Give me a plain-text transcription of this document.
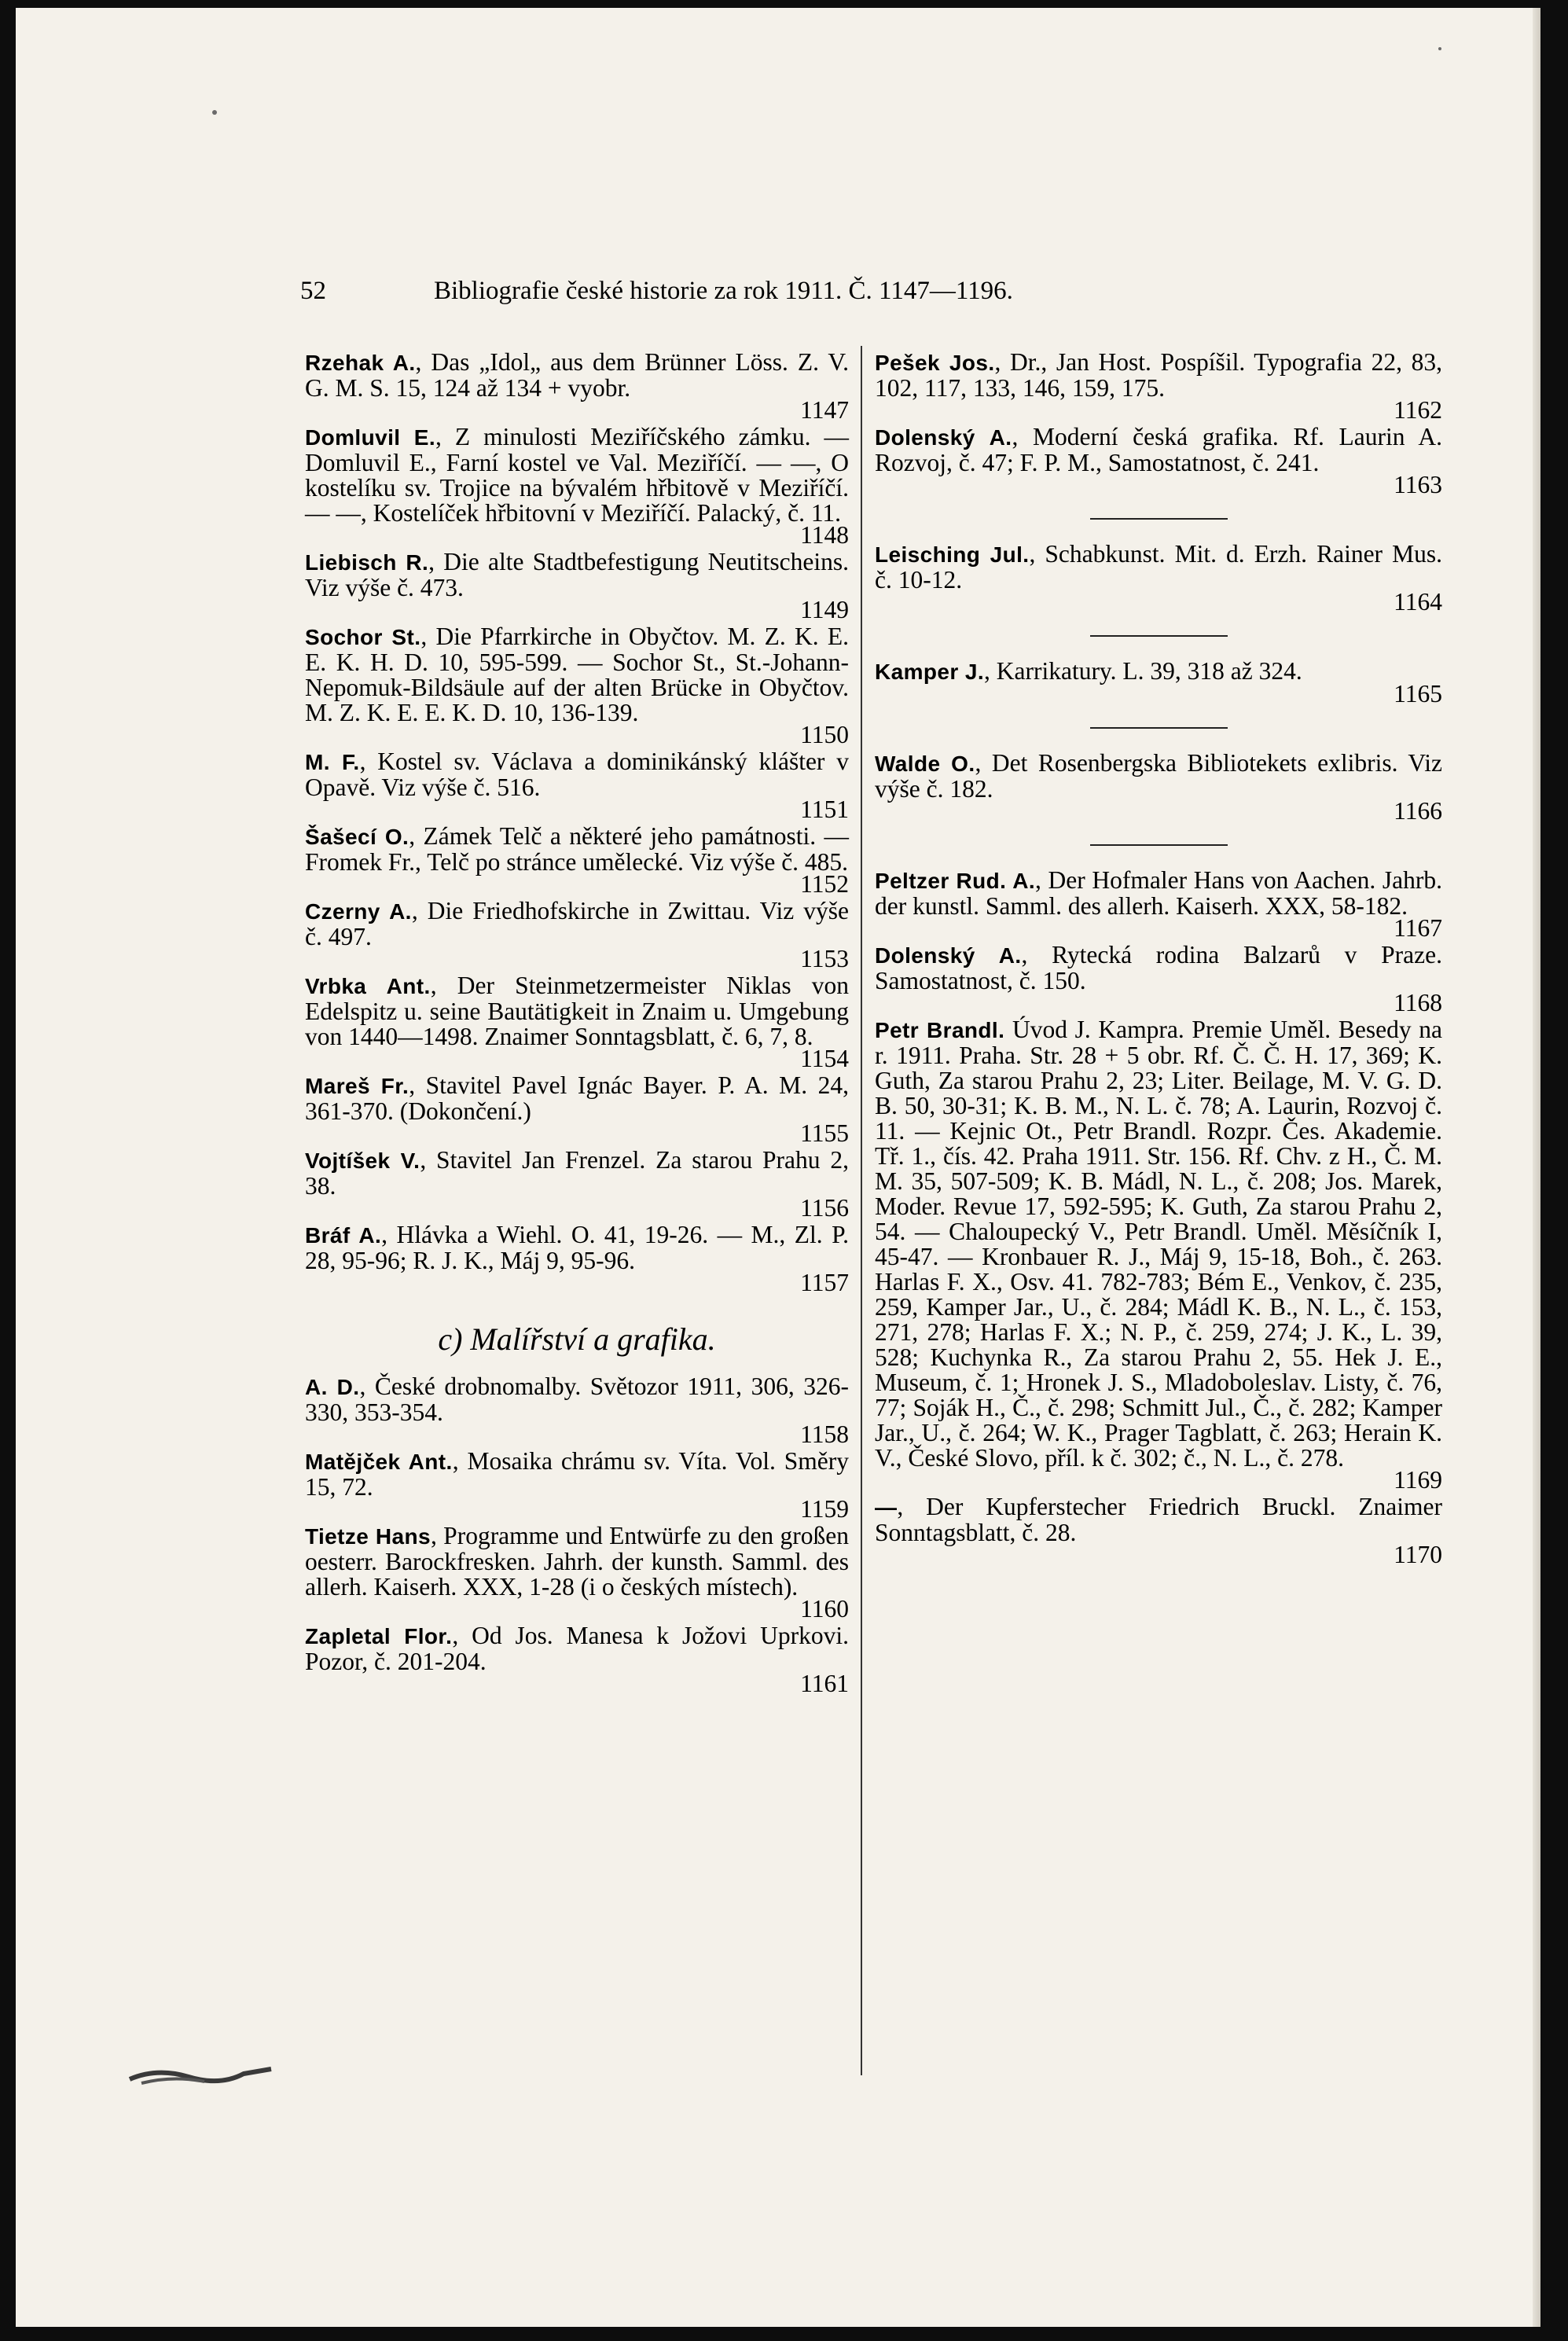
52	Bibliografie české historie za rok 1911. Č. 1147—1196.
Rzehak A., Das „Idol„ aus dem Brünner Löss. Z. V. G. M. S. 15, 124 až 134 + vyobr.
1147
Domluvil E., Z minulosti Meziříčského zámku. — Domluvil E., Farní kostel ve Val. Meziříčí. — —, O kostelíku sv. Trojice na bývalém hřbitově v Meziříčí. — —, Kostelíček hřbitovní v Meziříčí. Palacký, č. 11.
1148
Liebisch R., Die alte Stadtbefestigung Neutitscheins. Viz výše č. 473.
1149
Sochor St., Die Pfarrkirche in Obyčtov. M. Z. K. E. E. K. H. D. 10, 595-599. — Sochor St., St.-Johann-Nepomuk-Bildsäule auf der alten Brücke in Obyčtov. M. Z. K. E. E. K. D. 10, 136-139.
1150
M. F., Kostel sv. Václava a dominikánský klášter v Opavě. Viz výše č. 516.
1151
Šašecí O., Zámek Telč a některé jeho památnosti. — Fromek Fr., Telč po stránce umělecké. Viz výše č. 485.
1152
Czerny A., Die Friedhofskirche in Zwittau. Viz výše č. 497.
1153
Vrbka Ant., Der Steinmetzermeister Niklas von Edelspitz u. seine Bautätigkeit in Znaim u. Umgebung von 1440—1498. Znaimer Sonntagsblatt, č. 6, 7, 8.
1154
Mareš Fr., Stavitel Pavel Ignác Bayer. P. A. M. 24, 361-370. (Dokončení.)
1155
Vojtíšek V., Stavitel Jan Frenzel. Za starou Prahu 2, 38.
1156
Bráf A., Hlávka a Wiehl. O. 41, 19-26. — M., Zl. P. 28, 95-96; R. J. K., Máj 9, 95-96.
1157
c) Malířství a grafika.
A. D., České drobnomalby. Světozor 1911, 306, 326-330, 353-354.
1158
Matějček Ant., Mosaika chrámu sv. Víta. Vol. Směry 15, 72.
1159
Tietze Hans, Programme und Entwürfe zu den großen oesterr. Barockfresken. Jahrh. der kunsth. Samml. des allerh. Kaiserh. XXX, 1-28 (i o českých místech).
1160
Zapletal Flor., Od Jos. Manesa k Jožovi Uprkovi. Pozor, č. 201-204.
1161
Pešek Jos., Dr., Jan Host. Pospíšil. Typografia 22, 83, 102, 117, 133, 146, 159, 175.
1162
Dolenský A., Moderní česká grafika. Rf. Laurin A. Rozvoj, č. 47; F. P. M., Samostatnost, č. 241.
1163
Leisching Jul., Schabkunst. Mit. d. Erzh. Rainer Mus. č. 10-12.
1164
Kamper J., Karrikatury. L. 39, 318 až 324.
1165
Walde O., Det Rosenbergska Bibliotekets exlibris. Viz výše č. 182.
1166
Peltzer Rud. A., Der Hofmaler Hans von Aachen. Jahrb. der kunstl. Samml. des allerh. Kaiserh. XXX, 58-182.
1167
Dolenský A., Rytecká rodina Balzarů v Praze. Samostatnost, č. 150.
1168
Petr Brandl. Úvod J. Kampra. Premie Uměl. Besedy na r. 1911. Praha. Str. 28 + 5 obr. Rf. Č. Č. H. 17, 369; K. Guth, Za starou Prahu 2, 23; Liter. Beilage, M. V. G. D. B. 50, 30-31; K. B. M., N. L. č. 78; A. Laurin, Rozvoj č. 11. — Kejnic Ot., Petr Brandl. Rozpr. Čes. Akademie. Tř. 1., čís. 42. Praha 1911. Str. 156. Rf. Chv. z H., Č. M. M. 35, 507-509; K. B. Mádl, N. L., č. 208; Jos. Marek, Moder. Revue 17, 592-595; K. Guth, Za starou Prahu 2, 54. — Chaloupecký V., Petr Brandl. Uměl. Měsíčník I, 45-47. — Kronbauer R. J., Máj 9, 15-18, Boh., č. 263. Harlas F. X., Osv. 41. 782-783; Bém E., Venkov, č. 235, 259, Kamper Jar., U., č. 284; Mádl K. B., N. L., č. 153, 271, 278; Harlas F. X.; N. P., č. 259, 274; J. K., L. 39, 528; Kuchynka R., Za starou Prahu 2, 55. Hek J. E., Museum, č. 1; Hronek J. S., Mladoboleslav. Listy, č. 76, 77; Soják H., Č., č. 298; Schmitt Jul., Č., č. 282; Kamper Jar., U., č. 264; W. K., Prager Tagblatt, č. 263; Herain K. V., České Slovo, příl. k č. 302; č., N. L., č. 278.
1169
—, Der Kupferstecher Friedrich Bruckl. Znaimer Sonntagsblatt, č. 28.
1170
